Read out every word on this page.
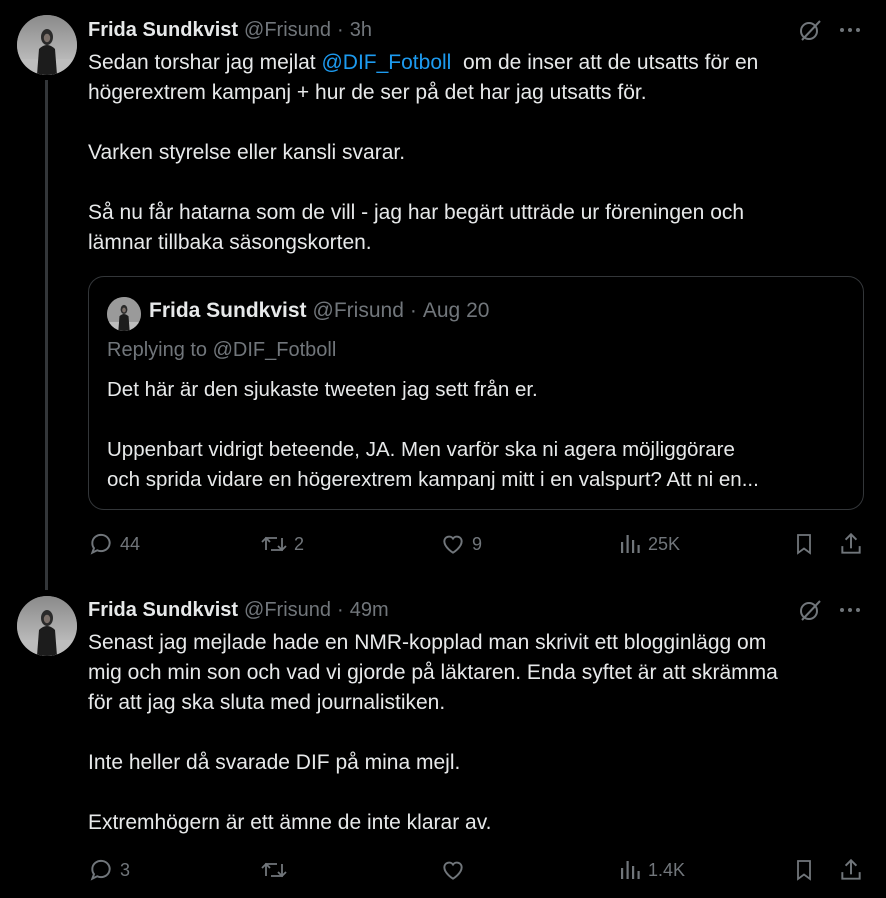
Frida Sundkvist @Frisund · 3h
Sedan torshar jag mejlat @DIF_Fotboll  om de inser att de utsatts för en
högerextrem kampanj + hur de ser på det har jag utsatts för.

Varken styrelse eller kansli svarar.

Så nu får hatarna som de vill - jag har begärt utträde ur föreningen och
lämnar tillbaka säsongskorten.
Frida Sundkvist @Frisund · Aug 20
Replying to @DIF_Fotboll
Det här är den sjukaste tweeten jag sett från er.

Uppenbart vidrigt beteende, JA. Men varför ska ni agera möjliggörare
och sprida vidare en högerextrem kampanj mitt i en valspurt? Att ni en...
44	2	9	25K
Frida Sundkvist @Frisund · 49m
Senast jag mejlade hade en NMR-kopplad man skrivit ett blogginlägg om
mig och min son och vad vi gjorde på läktaren. Enda syftet är att skrämma
för att jag ska sluta med journalistiken.

Inte heller då svarade DIF på mina mejl.

Extremhögern är ett ämne de inte klarar av.
3	1.4K
